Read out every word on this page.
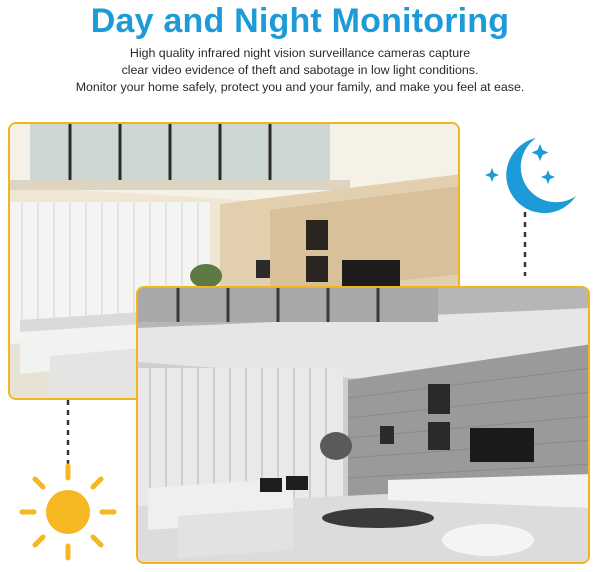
Day and Night Monitoring
High quality infrared night vision surveillance cameras capture
clear video evidence of theft and sabotage in low light conditions.
Monitor your home safely, protect you and your family, and make you feel at ease.
